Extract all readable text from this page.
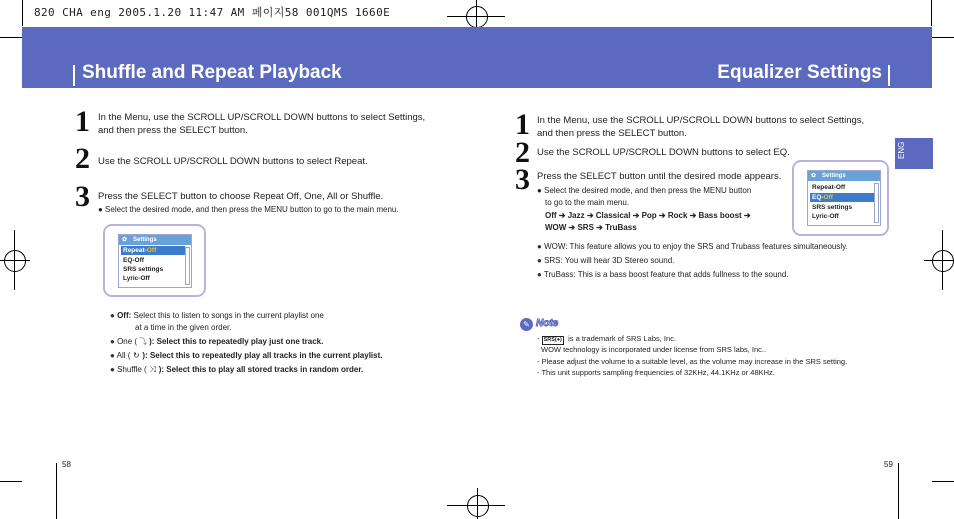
820 CHA eng 2005.1.20 11:47 AM 페이지58 001QMS 1660E
Shuffle and Repeat Playback	Equalizer Settings
1 In the Menu, use the SCROLL UP/SCROLL DOWN buttons to select Settings,
and then press the SELECT button.
2 Use the SCROLL UP/SCROLL DOWN buttons to select Repeat.
3 Press the SELECT button to choose Repeat Off, One, All or Shuffle.
● Select the desired mode, and then press the MENU button to go to the main menu.
✿ Settings
Repeat-Off
EQ-Off
SRS settings
Lyric-Off
● Off: Select this to listen to songs in the current playlist one
at a time in the given order.
● One ( ⤵ ): Select this to repeatedly play just one track.
● All ( ↻ ): Select this to repeatedly play all tracks in the current playlist.
● Shuffle ( ⤨ ): Select this to play all stored tracks in random order.
58
1 In the Menu, use the SCROLL UP/SCROLL DOWN buttons to select Settings,
and then press the SELECT button.
2 Use the SCROLL UP/SCROLL DOWN buttons to select EQ.
3 Press the SELECT button until the desired mode appears.
● Select the desired mode, and then press the MENU button
to go to the main menu.
Off ➔ Jazz ➔ Classical ➔ Pop ➔ Rock ➔ Bass boost ➔
WOW ➔ SRS ➔ TruBass
✿ Settings
Repeat-Off
EQ-Off
SRS settings
Lyric-Off
● WOW: This feature allows you to enjoy the SRS and Trubass features simultaneously.
● SRS: You will hear 3D Stereo sound.
● TruBass: This is a bass boost feature that adds fullness to the sound.
✎ Note
- SRS(●) is a trademark of SRS Labs, Inc.
WOW technology is incorporated under license from SRS labs, Inc..
- Please adjust the volume to a suitable level, as the volume may increase in the SRS setting.
- This unit supports sampling frequencies of 32KHz, 44.1KHz or 48KHz.
ENG
59
